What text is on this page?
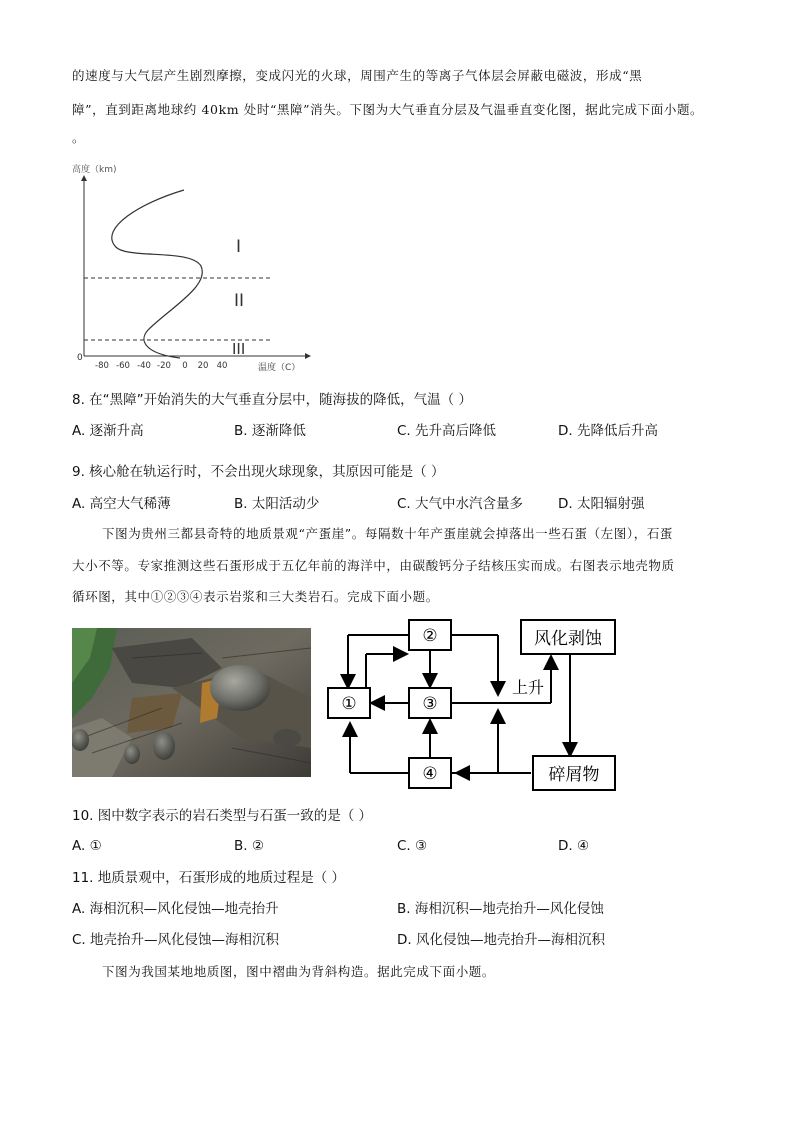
的速度与大气层产生剧烈摩擦，变成闪光的火球，周围产生的等离子气体层会屏蔽电磁波，形成“黑
障”，直到距离地球约 40km 处时“黑障”消失。下图为大气垂直分层及气温垂直变化图，据此完成下面小题。
。
高度（km)
0
I
II
III
-80 -60 -40 -20 0 20 40	温度（C）
8. 在“黑障”开始消失的大气垂直分层中，随海拔的降低，气温（ ）
A. 逐渐升高	B. 逐渐降低	C. 先升高后降低	D. 先降低后升高
9. 核心舱在轨运行时，不会出现火球现象，其原因可能是（ ）
A. 高空大气稀薄	B. 太阳活动少	C. 大气中水汽含量多	D. 太阳辐射强
下图为贵州三都县奇特的地质景观“产蛋崖”。每隔数十年产蛋崖就会掉落出一些石蛋（左图），石蛋
大小不等。专家推测这些石蛋形成于五亿年前的海洋中，由碳酸钙分子结核压实而成。右图表示地壳物质
循环图，其中①②③④表示岩浆和三大类岩石。完成下面小题。
②
①	③
④
风化剥蚀
碎屑物
上升
10. 图中数字表示的岩石类型与石蛋一致的是（ ）
A. ①	B. ②	C. ③	D. ④
11. 地质景观中，石蛋形成的地质过程是（ ）
A. 海相沉积—风化侵蚀—地壳抬升	B. 海相沉积—地壳抬升—风化侵蚀
C. 地壳抬升—风化侵蚀—海相沉积	D. 风化侵蚀—地壳抬升—海相沉积
下图为我国某地地质图，图中褶曲为背斜构造。据此完成下面小题。
